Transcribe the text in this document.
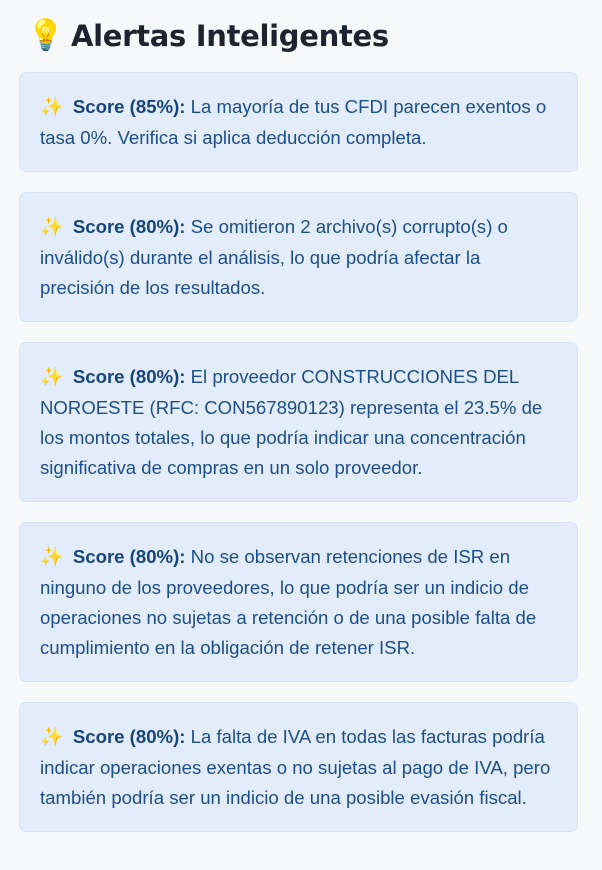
💡 Alertas Inteligentes
✨ Score (85%): La mayoría de tus CFDI parecen exentos o tasa 0%. Verifica si aplica deducción completa.
✨ Score (80%): Se omitieron 2 archivo(s) corrupto(s) o inválido(s) durante el análisis, lo que podría afectar la precisión de los resultados.
✨ Score (80%): El proveedor CONSTRUCCIONES DEL NOROESTE (RFC: CON567890123) representa el 23.5% de los montos totales, lo que podría indicar una concentración significativa de compras en un solo proveedor.
✨ Score (80%): No se observan retenciones de ISR en ninguno de los proveedores, lo que podría ser un indicio de operaciones no sujetas a retención o de una posible falta de cumplimiento en la obligación de retener ISR.
✨ Score (80%): La falta de IVA en todas las facturas podría indicar operaciones exentas o no sujetas al pago de IVA, pero también podría ser un indicio de una posible evasión fiscal.
